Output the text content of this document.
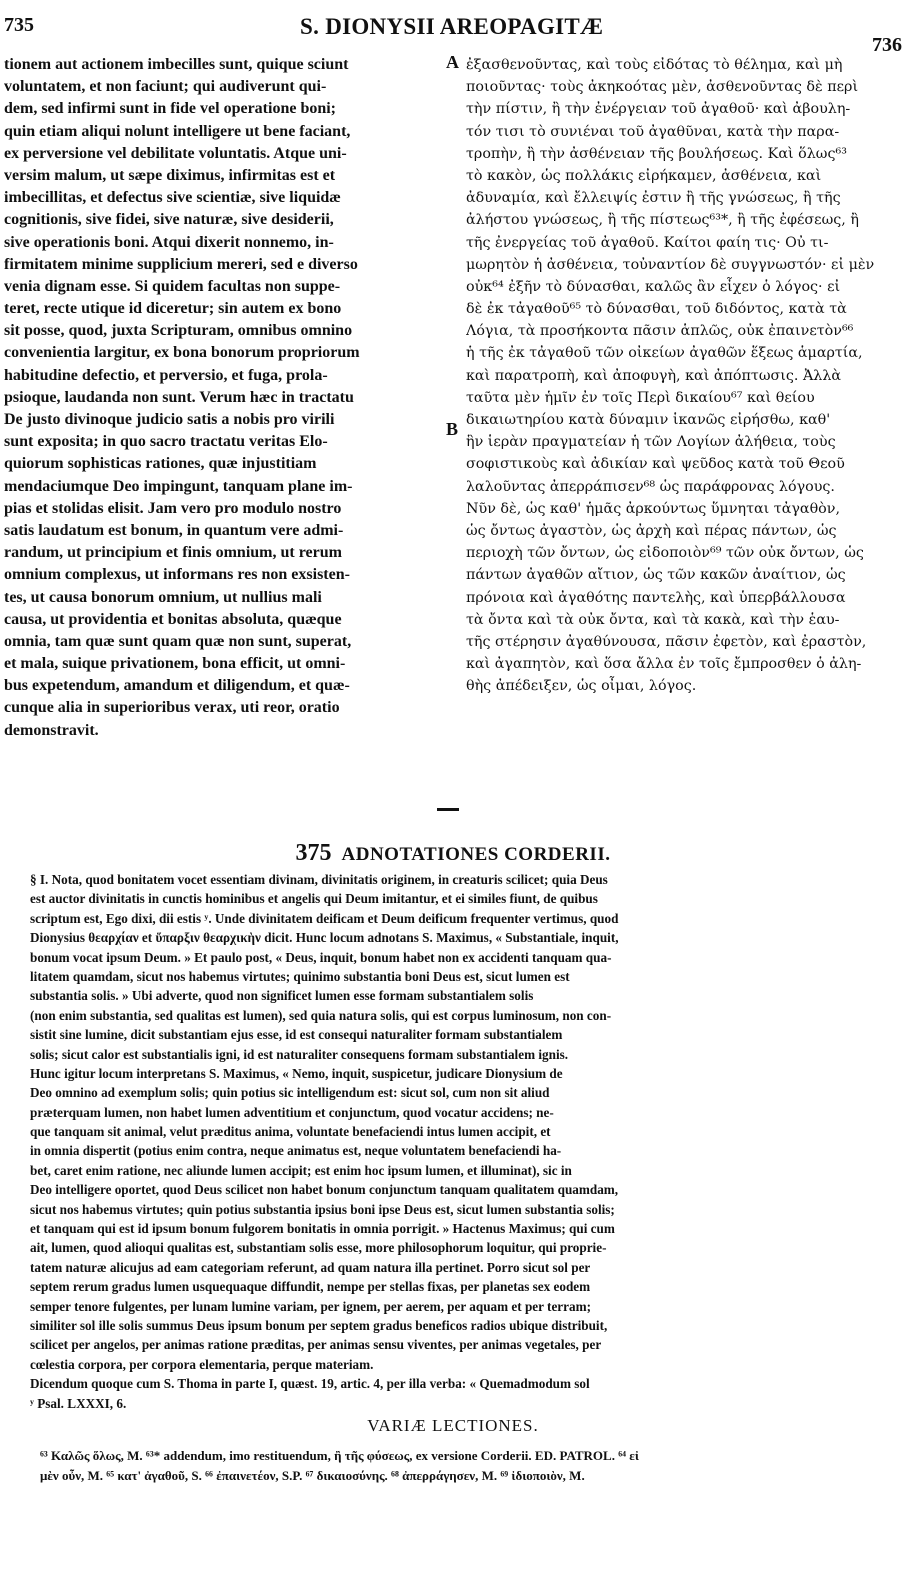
735	S. DIONYSII AREOPAGITÆ
736
tionem aut actionem imbecilles sunt, quique sciunt
voluntatem, et non faciunt; qui audiverunt qui-
dem, sed infirmi sunt in fide vel operatione boni;
quin etiam aliqui nolunt intelligere ut bene faciant,
ex perversione vel debilitate voluntatis. Atque uni-
versim malum, ut sæpe diximus, infirmitas est et
imbecillitas, et defectus sive scientiæ, sive liquidæ
cognitionis, sive fidei, sive naturæ, sive desiderii,
sive operationis boni. Atqui dixerit nonnemo, in-
firmitatem minime supplicium mereri, sed e diverso
venia dignam esse. Si quidem facultas non suppe-
teret, recte utique id diceretur; sin autem ex bono
sit posse, quod, juxta Scripturam, omnibus omnino
convenientia largitur, ex bona bonorum propriorum
habitudine defectio, et perversio, et fuga, prola-
psioque, laudanda non sunt. Verum hæc in tractatu
De justo divinoque judicio satis a nobis pro virili
sunt exposita; in quo sacro tractatu veritas Elo-
quiorum sophisticas rationes, quæ injustitiam
mendaciumque Deo impingunt, tanquam plane im-
pias et stolidas elisit. Jam vero pro modulo nostro
satis laudatum est bonum, in quantum vere admi-
randum, ut principium et finis omnium, ut rerum
omnium complexus, ut informans res non exsisten-
tes, ut causa bonorum omnium, ut nullius mali
causa, ut providentia et bonitas absoluta, quæque
omnia, tam quæ sunt quam quæ non sunt, superat,
et mala, suique privationem, bona efficit, ut omni-
bus expetendum, amandum et diligendum, et quæ-
cunque alia in superioribus verax, uti reor, oratio
demonstravit.
ἐξασθενοῦντας, καὶ τοὺς εἰδότας τὸ θέλημα, καὶ μὴ
ποιοῦντας· τοὺς ἀκηκοότας μὲν, ἀσθενοῦντας δὲ περὶ
τὴν πίστιν, ἢ τὴν ἐνέργειαν τοῦ ἀγαθοῦ· καὶ ἀβουλη-
τόν τισι τὸ συνιέναι τοῦ ἀγαθῦναι, κατὰ τὴν παρα-
τροπὴν, ἢ τὴν ἀσθένειαν τῆς βουλήσεως. Καὶ ὅλως⁶³
τὸ κακὸν, ὡς πολλάκις εἰρήκαμεν, ἀσθένεια, καὶ
ἀδυναμία, καὶ ἔλλειψίς ἐστιν ἢ τῆς γνώσεως, ἢ τῆς
ἀλήστου γνώσεως, ἢ τῆς πίστεως⁶³*, ἢ τῆς ἐφέσεως, ἢ
τῆς ἐνεργείας τοῦ ἀγαθοῦ. Καίτοι φαίη τις· Οὐ τι-
μωρητὸν ἡ ἀσθένεια, τοὐναντίον δὲ συγγνωστόν· εἰ μὲν
οὐκ⁶⁴ ἐξῆν τὸ δύνασθαι, καλῶς ἂν εἶχεν ὁ λόγος· εἰ
δὲ ἐκ τἀγαθοῦ⁶⁵ τὸ δύνασθαι, τοῦ διδόντος, κατὰ τὰ
Λόγια, τὰ προσήκοντα πᾶσιν ἁπλῶς, οὐκ ἐπαινετὸν⁶⁶
ἡ τῆς ἐκ τἀγαθοῦ τῶν οἰκείων ἀγαθῶν ἕξεως ἁμαρτία,
καὶ παρατροπὴ, καὶ ἀποφυγὴ, καὶ ἀπόπτωσις. Ἀλλὰ
ταῦτα μὲν ἡμῖν ἐν τοῖς Περὶ δικαίου⁶⁷ καὶ θείου
δικαιωτηρίου κατὰ δύναμιν ἱκανῶς εἰρήσθω, καθ'
ἣν ἱερὰν πραγματείαν ἡ τῶν Λογίων ἀλήθεια, τοὺς
σοφιστικοὺς καὶ ἀδικίαν καὶ ψεῦδος κατὰ τοῦ Θεοῦ
λαλοῦντας ἀπερράπισεν⁶⁸ ὡς παράφρονας λόγους.
Νῦν δὲ, ὡς καθ' ἡμᾶς ἀρκούντως ὕμνηται τἀγαθὸν,
ὡς ὄντως ἀγαστὸν, ὡς ἀρχὴ καὶ πέρας πάντων, ὡς
περιοχὴ τῶν ὄντων, ὡς εἰδοποιὸν⁶⁹ τῶν οὐκ ὄντων, ὡς
πάντων ἀγαθῶν αἴτιον, ὡς τῶν κακῶν ἀναίτιον, ὡς
πρόνοια καὶ ἀγαθότης παντελὴς, καὶ ὑπερβάλλουσα
τὰ ὄντα καὶ τὰ οὐκ ὄντα, καὶ τὰ κακὰ, καὶ τὴν ἑαυ-
τῆς στέρησιν ἀγαθύνουσα, πᾶσιν ἐφετὸν, καὶ ἐραστὸν,
καὶ ἀγαπητὸν, καὶ ὅσα ἄλλα ἐν τοῖς ἔμπροσθεν ὁ ἀλη-
θὴς ἀπέδειξεν, ὡς οἶμαι, λόγος.
A
B
375 ADNOTATIONES CORDERII.
§ I. Nota, quod bonitatem vocet essentiam divinam, divinitatis originem, in creaturis scilicet; quia Deus
est auctor divinitatis in cunctis hominibus et angelis qui Deum imitantur, et ei similes fiunt, de quibus
scriptum est, Ego dixi, dii estis ʸ. Unde divinitatem deificam et Deum deificum frequenter vertimus, quod
Dionysius θεαρχίαν et ὕπαρξιν θεαρχικὴν dicit. Hunc locum adnotans S. Maximus, « Substantiale, inquit,
bonum vocat ipsum Deum. » Et paulo post, « Deus, inquit, bonum habet non ex accidenti tanquam qua-
litatem quamdam, sicut nos habemus virtutes; quinimo substantia boni Deus est, sicut lumen est
substantia solis. » Ubi adverte, quod non significet lumen esse formam substantialem solis
(non enim substantia, sed qualitas est lumen), sed quia natura solis, qui est corpus luminosum, non con-
sistit sine lumine, dicit substantiam ejus esse, id est consequi naturaliter formam substantialem
solis; sicut calor est substantialis igni, id est naturaliter consequens formam substantialem ignis.
Hunc igitur locum interpretans S. Maximus, « Nemo, inquit, suspicetur, judicare Dionysium de
Deo omnino ad exemplum solis; quin potius sic intelligendum est: sicut sol, cum non sit aliud
præterquam lumen, non habet lumen adventitium et conjunctum, quod vocatur accidens; ne-
que tanquam sit animal, velut præditus anima, voluntate benefaciendi intus lumen accipit, et
in omnia dispertit (potius enim contra, neque animatus est, neque voluntatem benefaciendi ha-
bet, caret enim ratione, nec aliunde lumen accipit; est enim hoc ipsum lumen, et illuminat), sic in
Deo intelligere oportet, quod Deus scilicet non habet bonum conjunctum tanquam qualitatem quamdam,
sicut nos habemus virtutes; quin potius substantia ipsius boni ipse Deus est, sicut lumen substantia solis;
et tanquam qui est id ipsum bonum fulgorem bonitatis in omnia porrigit. » Hactenus Maximus; qui cum
ait, lumen, quod alioqui qualitas est, substantiam solis esse, more philosophorum loquitur, qui proprie-
tatem naturæ alicujus ad eam categoriam referunt, ad quam natura illa pertinet. Porro sicut sol per
septem rerum gradus lumen usquequaque diffundit, nempe per stellas fixas, per planetas sex eodem
semper tenore fulgentes, per lunam lumine variam, per ignem, per aerem, per aquam et per terram;
similiter sol ille solis summus Deus ipsum bonum per septem gradus beneficos radios ubique distribuit,
scilicet per angelos, per animas ratione præditas, per animas sensu viventes, per animas vegetales, per
cœlestia corpora, per corpora elementaria, perque materiam.
Dicendum quoque cum S. Thoma in parte I, quæst. 19, artic. 4, per illa verba: « Quemadmodum sol
ʸ Psal. LXXXI, 6.
VARIÆ LECTIONES.
⁶³ Καλῶς ὅλως, M. ⁶³* addendum, imo restituendum, ἢ τῆς φύσεως, ex versione Corderii. ED. PATROL. ⁶⁴ εἰ
μὲν οὖν, M. ⁶⁵ κατ' ἀγαθοῦ, S. ⁶⁶ ἐπαινετέον, S.P. ⁶⁷ δικαιοσύνης. ⁶⁸ ἀπερράγησεν, M. ⁶⁹ ἰδιοποιὸν, M.
